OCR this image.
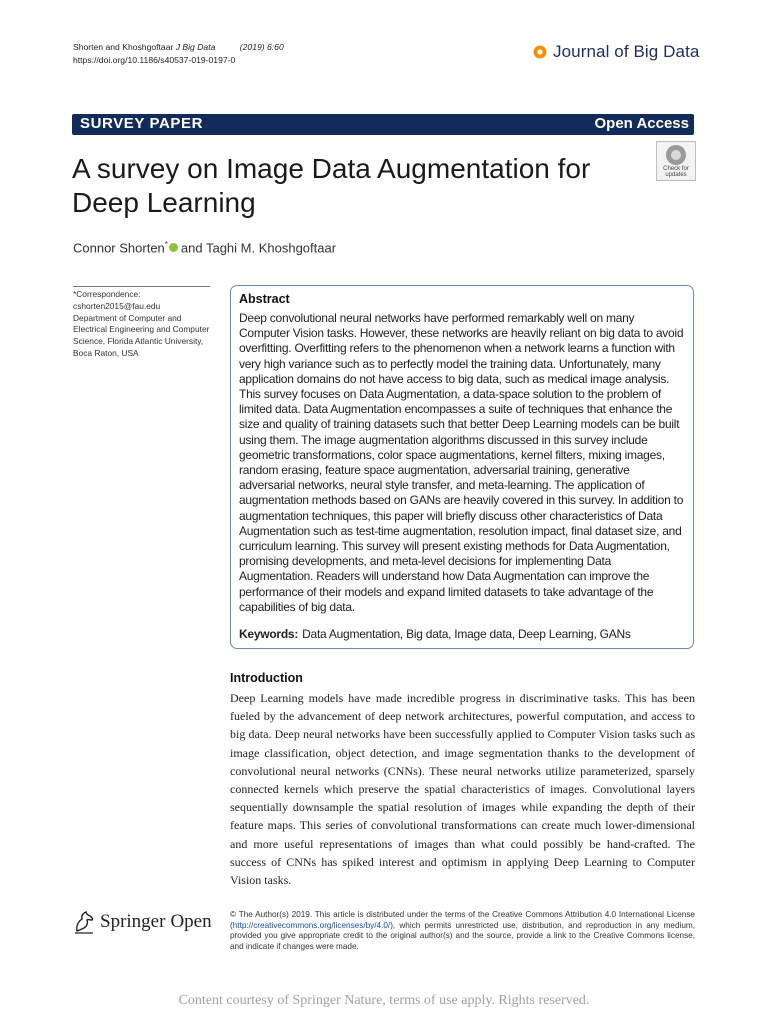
Shorten and Khoshgoftaar J Big Data	(2019) 6:60
https://doi.org/10.1186/s40537-019-0197-0	Journal of Big Data
SURVEY PAPER	Open Access
A survey on Image Data Augmentation for Deep Learning
Check for updates
Connor Shorten* and Taghi M. Khoshgoftaar
*Correspondence:
cshorten2015@fau.edu
Department of Computer and Electrical Engineering and Computer Science, Florida Atlantic University, Boca Raton, USA
Abstract
Deep convolutional neural networks have performed remarkably well on many Computer Vision tasks. However, these networks are heavily reliant on big data to avoid overfitting. Overfitting refers to the phenomenon when a network learns a function with very high variance such as to perfectly model the training data. Unfortunately, many application domains do not have access to big data, such as medical image analysis. This survey focuses on Data Augmentation, a data-space solution to the problem of limited data. Data Augmentation encompasses a suite of techniques that enhance the size and quality of training datasets such that better Deep Learning models can be built using them. The image augmentation algorithms discussed in this survey include geometric transformations, color space augmentations, kernel filters, mixing images, random erasing, feature space augmentation, adversarial training, generative adversarial networks, neural style transfer, and meta-learning. The application of augmentation methods based on GANs are heavily covered in this survey. In addition to augmentation techniques, this paper will briefly discuss other characteristics of Data Augmentation such as test-time augmentation, resolution impact, final dataset size, and curriculum learning. This survey will present existing methods for Data Augmentation, promising developments, and meta-level decisions for implementing Data Augmentation. Readers will understand how Data Augmentation can improve the performance of their models and expand limited datasets to take advantage of the capabilities of big data.
Keywords: Data Augmentation, Big data, Image data, Deep Learning, GANs
Introduction
Deep Learning models have made incredible progress in discriminative tasks. This has been fueled by the advancement of deep network architectures, powerful computation, and access to big data. Deep neural networks have been successfully applied to Computer Vision tasks such as image classification, object detection, and image segmentation thanks to the development of convolutional neural networks (CNNs). These neural networks utilize parameterized, sparsely connected kernels which preserve the spatial characteristics of images. Convolutional layers sequentially downsample the spatial resolution of images while expanding the depth of their feature maps. This series of convolutional transformations can create much lower-dimensional and more useful representations of images than what could possibly be hand-crafted. The success of CNNs has spiked interest and optimism in applying Deep Learning to Computer Vision tasks.
Springer Open © The Author(s) 2019. This article is distributed under the terms of the Creative Commons Attribution 4.0 International License (http://creativecommons.org/licenses/by/4.0/), which permits unrestricted use, distribution, and reproduction in any medium, provided you give appropriate credit to the original author(s) and the source, provide a link to the Creative Commons license, and indicate if changes were made.
Content courtesy of Springer Nature, terms of use apply. Rights reserved.
